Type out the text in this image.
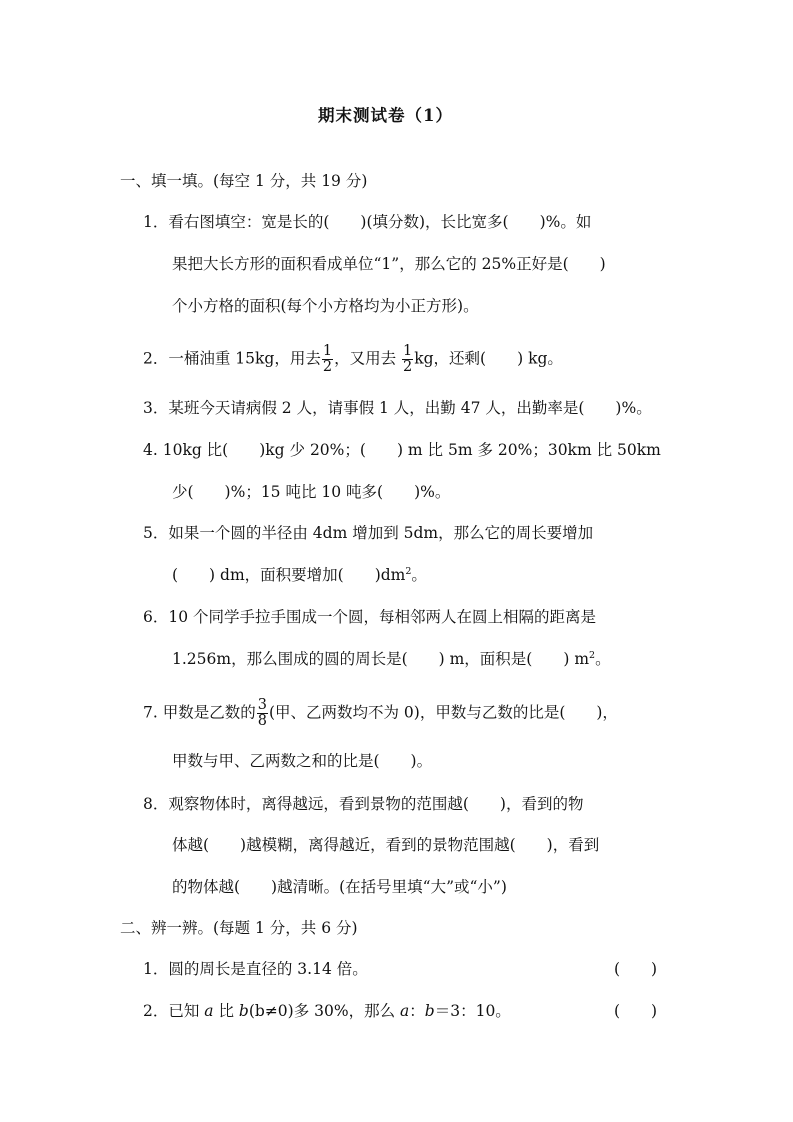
期末测试卷（1）
一、填一填。(每空 1 分，共 19 分)
1．看右图填空：宽是长的(　　)(填分数)，长比宽多(　　)%。如
果把大长方形的面积看成单位“1”，那么它的 25%正好是(　　)
个小方格的面积(每个小方格均为小正方形)。
2．一桶油重 15kg，用去 $\frac{1}{2}$ ，又用去 $\frac{1}{2}$ kg，还剩(　　) kg。
3．某班今天请病假 2 人，请事假 1 人，出勤 47 人，出勤率是(　　)%。
4. 10kg 比(　　)kg 少 20%；(　　) m 比 5m 多 20%；30km 比 50km
少(　　)%；15 吨比 10 吨多(　　)%。
5．如果一个圆的半径由 4dm 增加到 5dm，那么它的周长要增加
(　　) dm，面积要增加(　　)$dm^2$。
6．10 个同学手拉手围成一个圆，每相邻两人在圆上相隔的距离是
1.256m，那么围成的圆的周长是(　　) m，面积是(　　) $m^2$。
7. 甲数是乙数的 $\frac{3}{8}$ (甲、乙两数均不为 0)，甲数与乙数的比是(　　)，
甲数与甲、乙两数之和的比是(　　)。
8．观察物体时，离得越远，看到景物的范围越(　　)，看到的物
体越(　　)越模糊，离得越近，看到的景物范围越(　　)，看到
的物体越(　　)越清晰。(在括号里填“大”或“小”)
二、辨一辨。(每题 1 分，共 6 分)
1．圆的周长是直径的 3.14 倍。	(　　)
2．已知 a 比 b(b≠0)多 30%，那么 a：b＝3：10。	(　　)
